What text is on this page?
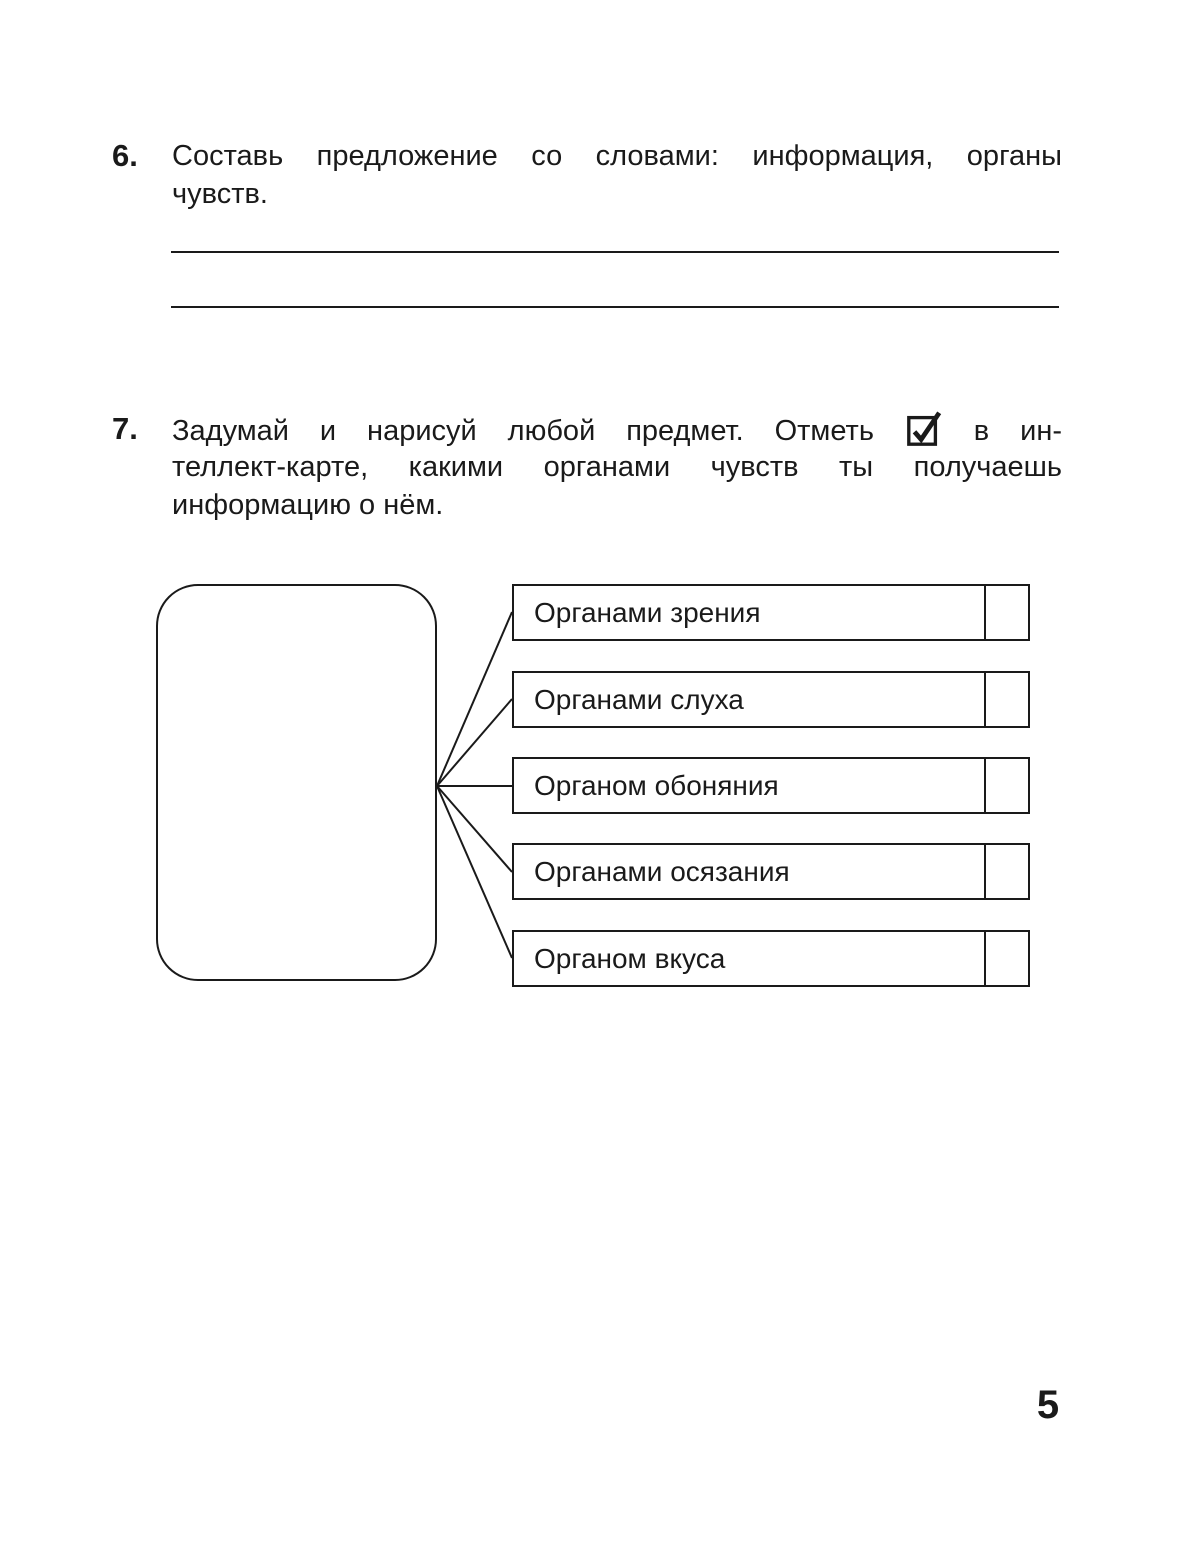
6.	Составь предложение со словами: информация, органы
чувств.
7.	Задумай и нарисуй любой предмет. Отметь	в ин-
теллект-карте, какими органами чувств ты получаешь
информацию о нём.
Органами зрения
Органами слуха
Органом обоняния
Органами осязания
Органом вкуса
5
